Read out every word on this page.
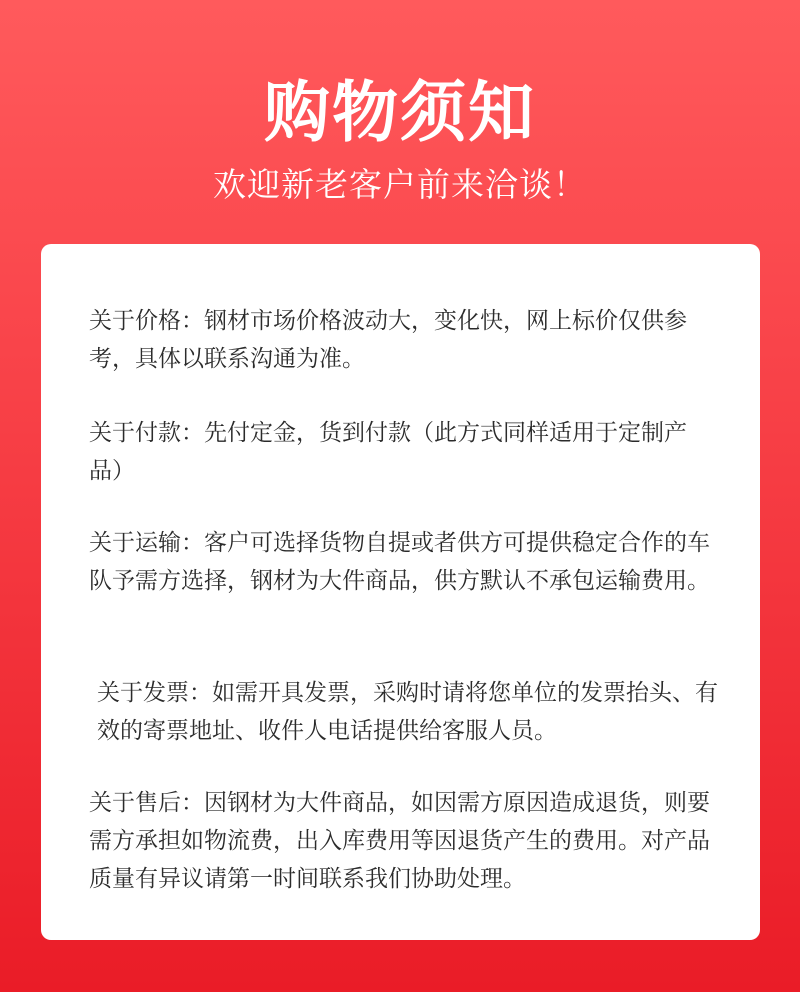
购物须知
欢迎新老客户前来洽谈！

关于价格：钢材市场价格波动大，变化快，网上标价仅供参考，具体以联系沟通为准。

关于付款：先付定金，货到付款（此方式同样适用于定制产品）

关于运输：客户可选择货物自提或者供方可提供稳定合作的车队予需方选择，钢材为大件商品，供方默认不承包运输费用。

关于发票：如需开具发票，采购时请将您单位的发票抬头、有效的寄票地址、收件人电话提供给客服人员。

关于售后：因钢材为大件商品，如因需方原因造成退货，则要需方承担如物流费，出入库费用等因退货产生的费用。对产品质量有异议请第一时间联系我们协助处理。
